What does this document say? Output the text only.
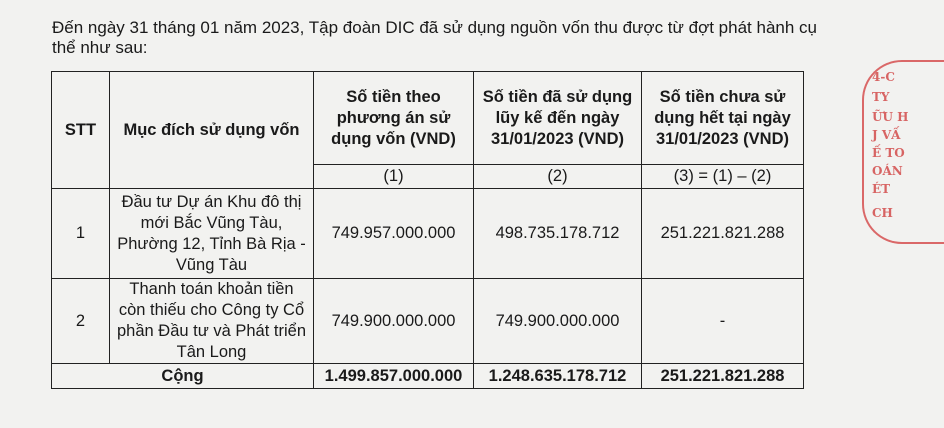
Đến ngày 31 tháng 01 năm 2023, Tập đoàn DIC đã sử dụng nguồn vốn thu được từ đợt phát hành cụ thể như sau:

STT	Mục đích sử dụng vốn	Số tiền theo phương án sử dụng vốn (VND)	Số tiền đã sử dụng lũy kế đến ngày 31/01/2023 (VND)	Số tiền chưa sử dụng hết tại ngày 31/01/2023 (VND)
		(1)	(2)	(3) = (1) – (2)
1	Đầu tư Dự án Khu đô thị mới Bắc Vũng Tàu, Phường 12, Tỉnh Bà Rịa - Vũng Tàu	749.957.000.000	498.735.178.712	251.221.821.288
2	Thanh toán khoản tiền còn thiếu cho Công ty Cổ phần Đầu tư và Phát triển Tân Long	749.900.000.000	749.900.000.000	-
Cộng		1.499.857.000.000	1.248.635.178.712	251.221.821.288
4-C
TY
ỮU H
J VẤ
Ế TO
OÁN
ÉT
CH
